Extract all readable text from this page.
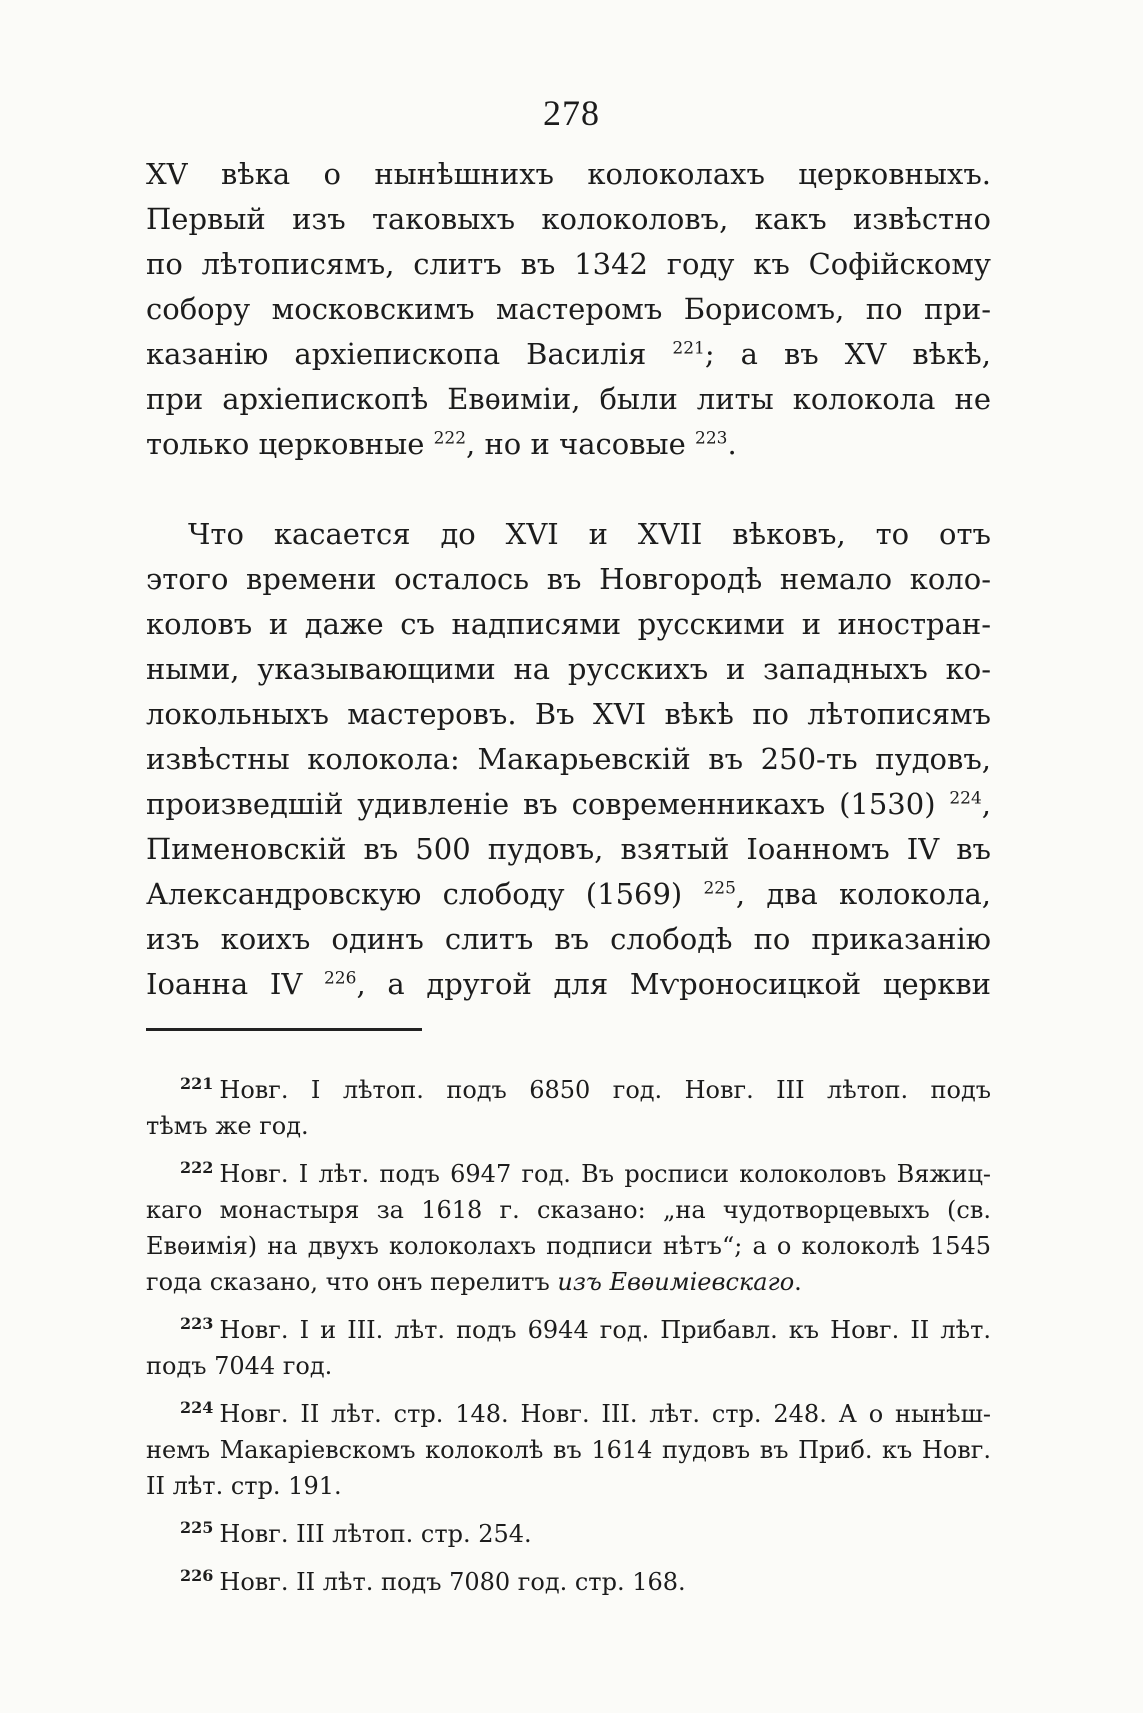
278
XV вѣка о нынѣшнихъ колоколахъ церковныхъ.
Первый изъ таковыхъ колоколовъ, какъ извѣстно
по лѣтописямъ, слитъ въ 1342 году къ Софійскому
собору московскимъ мастеромъ Борисомъ, по при-
казанію архіепископа Василія $^{221}$; а въ XV вѣкѣ,
при архіепископѣ Евѳиміи, были литы колокола не
только церковные $^{222}$, но и часовые $^{223}$.
Что касается до XVI и XVII вѣковъ, то отъ
этого времени осталось въ Новгородѣ немало коло-
коловъ и даже съ надписями русскими и иностран-
ными, указывающими на русскихъ и западныхъ ко-
локольныхъ мастеровъ. Въ XVI вѣкѣ по лѣтописямъ
извѣстны колокола: Макарьевскій въ 250-ть пудовъ,
произведшій удивленіе въ современникахъ (1530) $^{224}$,
Пименовскій въ 500 пудовъ, взятый Іоанномъ IV въ
Александровскую слободу (1569) $^{225}$, два колокола,
изъ коихъ одинъ слитъ въ слободѣ по приказанію
Іоанна IV $^{226}$, а другой для Мѵроносицкой церкви
$^{221}$ Новг. I лѣтоп. подъ 6850 год. Новг. III лѣтоп. подъ
тѣмъ же год.
$^{222}$ Новг. I лѣт. подъ 6947 год. Въ росписи колоколовъ Вяжиц-
каго монастыря за 1618 г. сказано: „на чудотворцевыхъ (св.
Евѳимія) на двухъ колоколахъ подписи нѣтъ“; а о колоколѣ 1545
года сказано, что онъ перелитъ изъ Евѳиміевскаго.
$^{223}$ Новг. I и III. лѣт. подъ 6944 год. Прибавл. къ Новг. II лѣт.
подъ 7044 год.
$^{224}$ Новг. II лѣт. стр. 148. Новг. III. лѣт. стр. 248. А о нынѣш-
немъ Макаріевскомъ колоколѣ въ 1614 пудовъ въ Приб. къ Новг.
II лѣт. стр. 191.
$^{225}$ Новг. III лѣтоп. стр. 254.
$^{226}$ Новг. II лѣт. подъ 7080 год. стр. 168.
